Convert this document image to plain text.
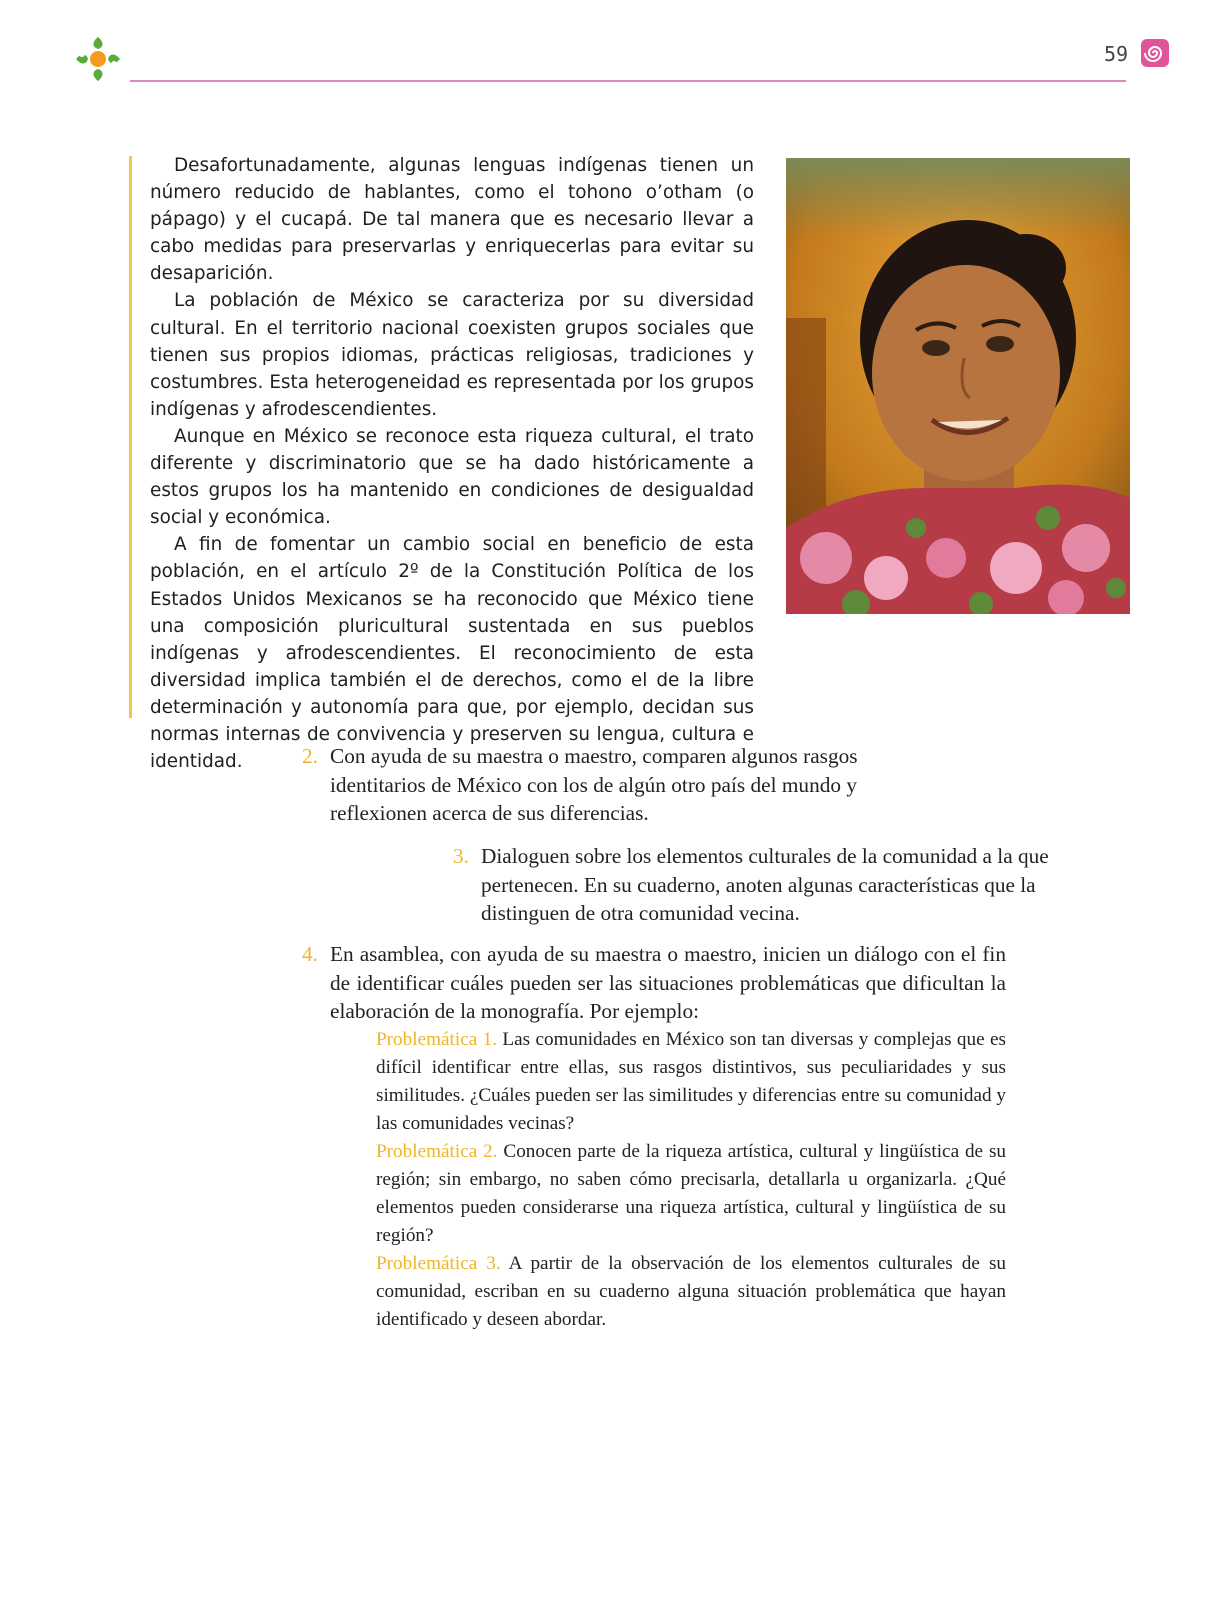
59

Desafortunadamente, algunas lenguas indígenas tienen un número reducido de hablantes, como el tohono o’otham (o pápago) y el cucapá. De tal manera que es necesario llevar a cabo medidas para preservarlas y enriquecerlas para evitar su desaparición.

La población de México se caracteriza por su diversidad cultural. En el territorio nacional coexisten grupos sociales que tienen sus propios idiomas, prácticas religiosas, tradiciones y costumbres. Esta heterogeneidad es representada por los grupos indígenas y afrodescendientes.

Aunque en México se reconoce esta riqueza cultural, el trato diferente y discriminatorio que se ha dado históricamente a estos grupos los ha mantenido en condiciones de desigualdad social y económica.

A fin de fomentar un cambio social en beneficio de esta población, en el artículo 2º de la Constitución Política de los Estados Unidos Mexicanos se ha reconocido que México tiene una composición pluricultural sustentada en sus pueblos indígenas y afrodescendientes. El reconocimiento de esta diversidad implica también el de derechos, como el de la libre determinación y autonomía para que, por ejemplo, decidan sus normas internas de convivencia y preserven su lengua, cultura e identidad.	2. Con ayuda de su maestra o maestro, comparen algunos rasgos identitarios de México con los de algún otro país del mundo y reflexionen acerca de sus diferencias.
3. Dialoguen sobre los elementos culturales de la comunidad a la que pertenecen. En su cuaderno, anoten algunas características que la distinguen de otra comunidad vecina.
4. En asamblea, con ayuda de su maestra o maestro, inicien un diálogo con el fin de identificar cuáles pueden ser las situaciones problemáticas que dificultan la elaboración de la monografía. Por ejemplo:

Problemática 1. Las comunidades en México son tan diversas y complejas que es difícil identificar entre ellas, sus rasgos distintivos, sus peculiaridades y sus similitudes. ¿Cuáles pueden ser las similitudes y diferencias entre su comunidad y las comunidades vecinas?

Problemática 2. Conocen parte de la riqueza artística, cultural y lingüística de su región; sin embargo, no saben cómo precisarla, detallarla u organizarla. ¿Qué elementos pueden considerarse una riqueza artística, cultural y lingüística de su región?

Problemática 3. A partir de la observación de los elementos culturales de su comunidad, escriban en su cuaderno alguna situación problemática que hayan identificado y deseen abordar.
